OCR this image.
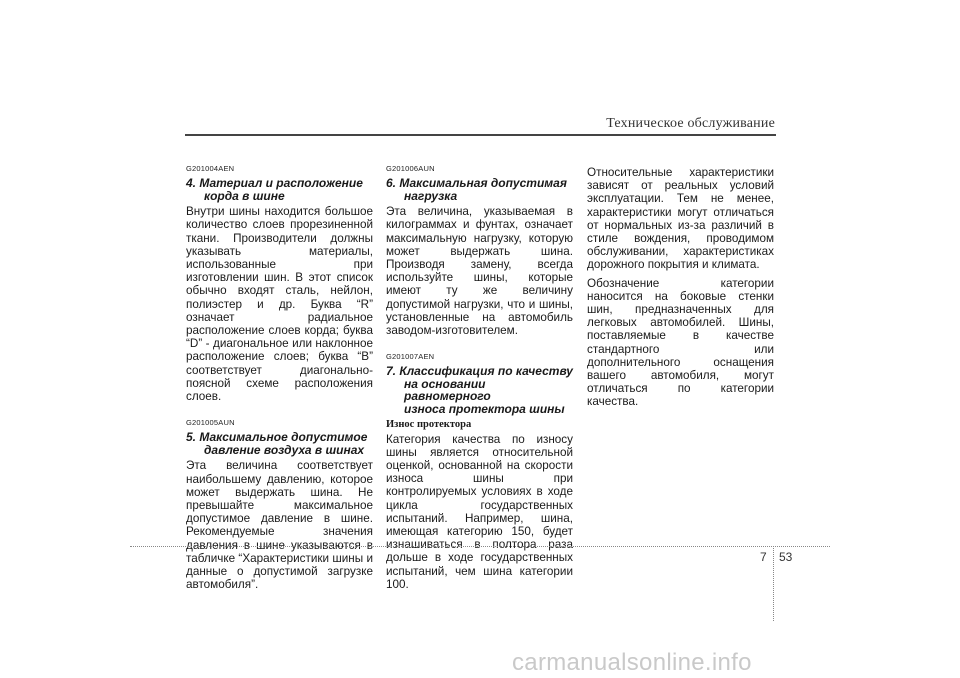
Техническое обслуживание
G201004AEN
4. Материал и расположение
корда в шине

Внутри шины находится большое количество слоев прорезиненной ткани. Производители должны указывать материалы, использованные при изготовлении шин. В этот список обычно входят сталь, нейлон, полиэстер и др. Буква “R” означает радиальное расположение слоев корда; буква “D” - диагональное или наклонное расположение слоев; буква “B” соответствует диагонально-поясной схеме расположения слоев.

G201005AUN
5. Максимальное допустимое
давление воздуха в шинах

Эта величина соответствует наибольшему давлению, которое может выдержать шина. Не превышайте максимальное допустимое давление в шине. Рекомендуемые значения давления в шине указываются в табличке “Характеристики шины и данные о допустимой загрузке автомобиля”.

G201006AUN
6. Максимальная допустимая
нагрузка

Эта величина, указываемая в килограммах и фунтах, означает максимальную нагрузку, которую может выдержать шина. Производя замену, всегда используйте шины, которые имеют ту же величину допустимой нагрузки, что и шины, установленные на автомобиль заводом-изготовителем.

G201007AEN
7. Классификация по качеству
на основании равномерного
износа протектора шины
Износ протектора

Категория качества по износу шины является относительной оценкой, основанной на скорости износа шины при контролируемых условиях в ходе цикла государственных испытаний. Например, шина, имеющая категорию 150, будет изнашиваться в полтора раза дольше в ходе государственных испытаний, чем шина категории 100.

Относительные характеристики зависят от реальных условий эксплуатации. Тем не менее, характеристики могут отличаться от нормальных из-за различий в стиле вождения, проводимом обслуживании, характеристиках дорожного покрытия и климата.

Обозначение категории наносится на боковые стенки шин, предназначенных для легковых автомобилей. Шины, поставляемые в качестве стандартного или дополнительного оснащения вашего автомобиля, могут отличаться по категории качества.

7 53
carmanualsonline.info
